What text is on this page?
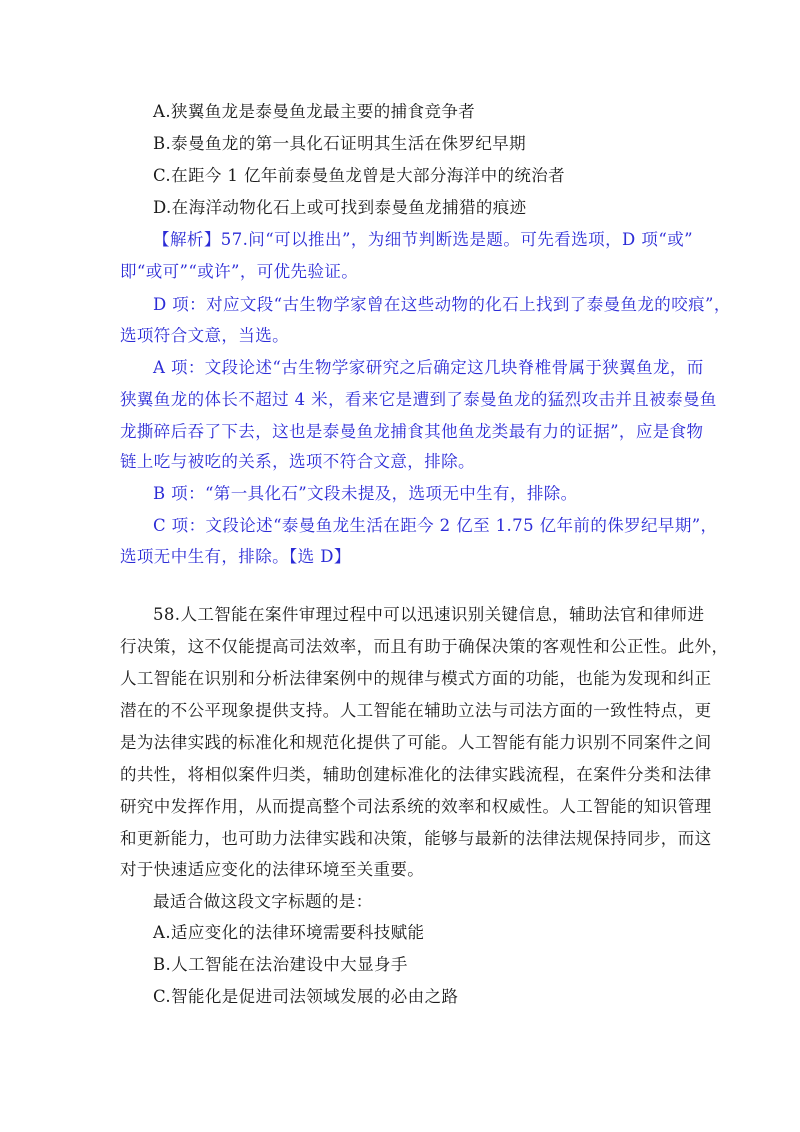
A.狭翼鱼龙是泰曼鱼龙最主要的捕食竞争者
B.泰曼鱼龙的第一具化石证明其生活在侏罗纪早期
C.在距今 1 亿年前泰曼鱼龙曾是大部分海洋中的统治者
D.在海洋动物化石上或可找到泰曼鱼龙捕猎的痕迹
【解析】57.问“可以推出”，为细节判断选是题。可先看选项，D 项“或”
即“或可”“或许”，可优先验证。
D 项：对应文段“古生物学家曾在这些动物的化石上找到了泰曼鱼龙的咬痕”，
选项符合文意，当选。
A 项：文段论述“古生物学家研究之后确定这几块脊椎骨属于狭翼鱼龙，而
狭翼鱼龙的体长不超过 4 米，看来它是遭到了泰曼鱼龙的猛烈攻击并且被泰曼鱼
龙撕碎后吞了下去，这也是泰曼鱼龙捕食其他鱼龙类最有力的证据”，应是食物
链上吃与被吃的关系，选项不符合文意，排除。
B 项：“第一具化石”文段未提及，选项无中生有，排除。
C 项：文段论述“泰曼鱼龙生活在距今 2 亿至 1.75 亿年前的侏罗纪早期”，
选项无中生有，排除。【选 D】
58.人工智能在案件审理过程中可以迅速识别关键信息，辅助法官和律师进
行决策，这不仅能提高司法效率，而且有助于确保决策的客观性和公正性。此外，
人工智能在识别和分析法律案例中的规律与模式方面的功能，也能为发现和纠正
潜在的不公平现象提供支持。人工智能在辅助立法与司法方面的一致性特点，更
是为法律实践的标准化和规范化提供了可能。人工智能有能力识别不同案件之间
的共性，将相似案件归类，辅助创建标准化的法律实践流程，在案件分类和法律
研究中发挥作用，从而提高整个司法系统的效率和权威性。人工智能的知识管理
和更新能力，也可助力法律实践和决策，能够与最新的法律法规保持同步，而这
对于快速适应变化的法律环境至关重要。
最适合做这段文字标题的是：
A.适应变化的法律环境需要科技赋能
B.人工智能在法治建设中大显身手
C.智能化是促进司法领域发展的必由之路
